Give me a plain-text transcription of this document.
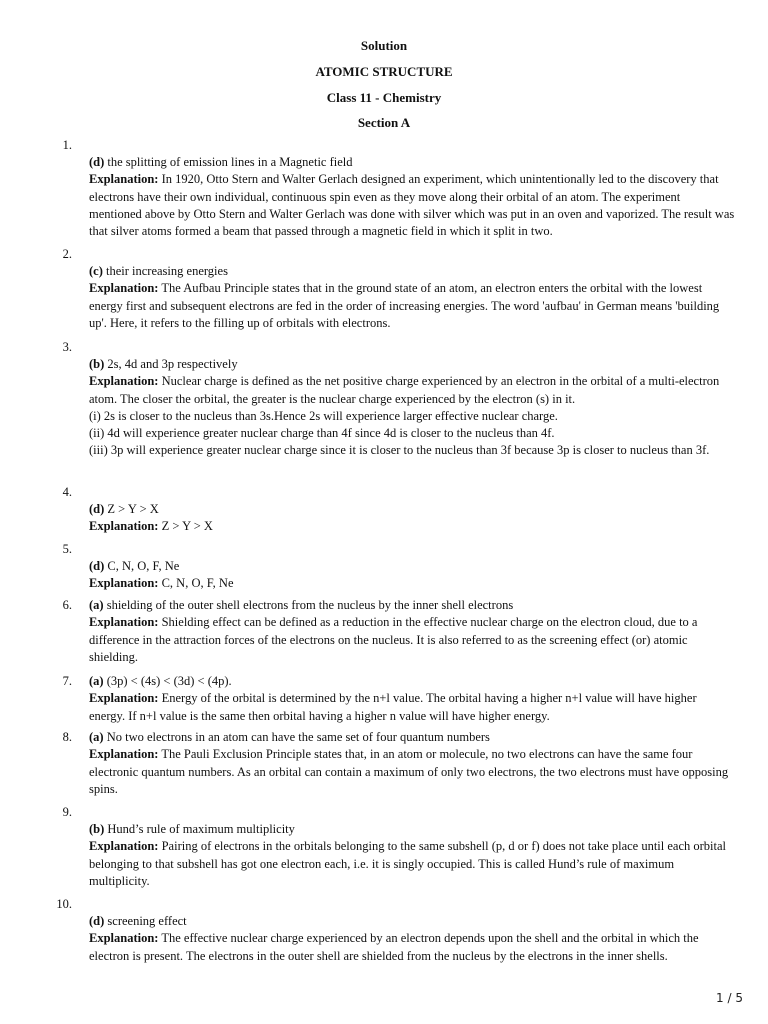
Solution
ATOMIC STRUCTURE
Class 11 - Chemistry
Section A
1.

(d) the splitting of emission lines in a Magnetic field

Explanation: In 1920, Otto Stern and Walter Gerlach designed an experiment, which unintentionally led to the discovery that electrons have their own individual, continuous spin even as they move along their orbital of an atom. The experiment mentioned above by Otto Stern and Walter Gerlach was done with silver which was put in an oven and vaporized. The result was that silver atoms formed a beam that passed through a magnetic field in which it split in two.

2.

(c) their increasing energies

Explanation: The Aufbau Principle states that in the ground state of an atom, an electron enters the orbital with the lowest energy first and subsequent electrons are fed in the order of increasing energies. The word 'aufbau' in German means 'building up'. Here, it refers to the filling up of orbitals with electrons.

3.

(b) 2s, 4d and 3p respectively

Explanation: Nuclear charge is defined as the net positive charge experienced by an electron in the orbital of a multi-electron atom. The closer the orbital, the greater is the nuclear charge experienced by the electron (s) in it.

(i) 2s is closer to the nucleus than 3s.Hence 2s will experience larger effective nuclear charge.

(ii) 4d will experience greater nuclear charge than 4f since 4d is closer to the nucleus than 4f.

(iii) 3p will experience greater nuclear charge since it is closer to the nucleus than 3f because 3p is closer to nucleus than 3f.

4.

(d) Z > Y > X

Explanation: Z > Y > X

5.

(d) C, N, O, F, Ne

Explanation: C, N, O, F, Ne

6. (a) shielding of the outer shell electrons from the nucleus by the inner shell electrons

Explanation: Shielding effect can be defined as a reduction in the effective nuclear charge on the electron cloud, due to a difference in the attraction forces of the electrons on the nucleus. It is also referred to as the screening effect (or) atomic shielding.

7. (a) (3p) < (4s) < (3d) < (4p).

Explanation: Energy of the orbital is determined by the n+l value. The orbital having a higher n+l value will have higher energy. If n+l value is the same then orbital having a higher n value will have higher energy.

8. (a) No two electrons in an atom can have the same set of four quantum numbers

Explanation: The Pauli Exclusion Principle states that, in an atom or molecule, no two electrons can have the same four electronic quantum numbers. As an orbital can contain a maximum of only two electrons, the two electrons must have opposing spins.

9.

(b) Hund’s rule of maximum multiplicity

Explanation: Pairing of electrons in the orbitals belonging to the same subshell (p, d or f) does not take place until each orbital belonging to that subshell has got one electron each, i.e. it is singly occupied. This is called Hund’s rule of maximum multiplicity.

10.

(d) screening effect

Explanation: The effective nuclear charge experienced by an electron depends upon the shell and the orbital in which the electron is present. The electrons in the outer shell are shielded from the nucleus by the electrons in the inner shells.

1 / 5
